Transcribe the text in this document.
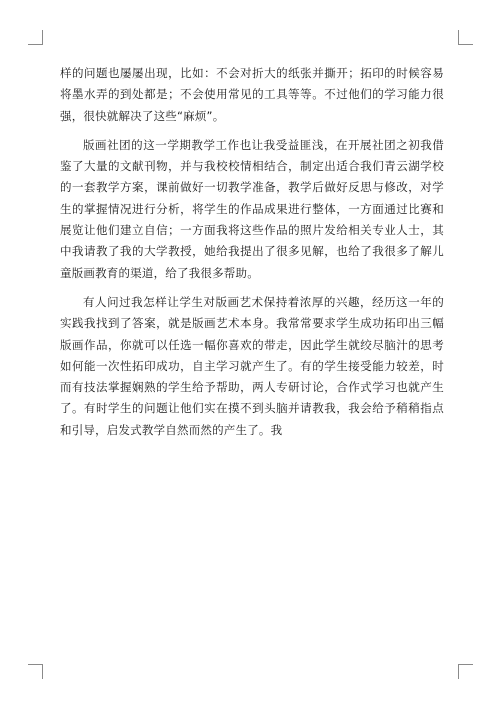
样的问题也屡屡出现，比如：不会对折大的纸张并撕开；拓印的时候容易将墨水弄的到处都是；不会使用常见的工具等等。不过他们的学习能力很强，很快就解决了这些“麻烦”。

版画社团的这一学期教学工作也让我受益匪浅，在开展社团之初我借鉴了大量的文献刊物，并与我校校情相结合，制定出适合我们青云湖学校的一套教学方案，课前做好一切教学准备，教学后做好反思与修改，对学生的掌握情况进行分析，将学生的作品成果进行整体，一方面通过比赛和展览让他们建立自信；一方面我将这些作品的照片发给相关专业人士，其中我请教了我的大学教授，她给我提出了很多见解，也给了我很多了解儿童版画教育的渠道，给了我很多帮助。

有人问过我怎样让学生对版画艺术保持着浓厚的兴趣，经历这一年的实践我找到了答案，就是版画艺术本身。我常常要求学生成功拓印出三幅版画作品，你就可以任选一幅你喜欢的带走，因此学生就绞尽脑汁的思考如何能一次性拓印成功，自主学习就产生了。有的学生接受能力较差，时而有技法掌握娴熟的学生给予帮助，两人专研讨论，合作式学习也就产生了。有时学生的问题让他们实在摸不到头脑并请教我，我会给予稍稍指点和引导，启发式教学自然而然的产生了。我
